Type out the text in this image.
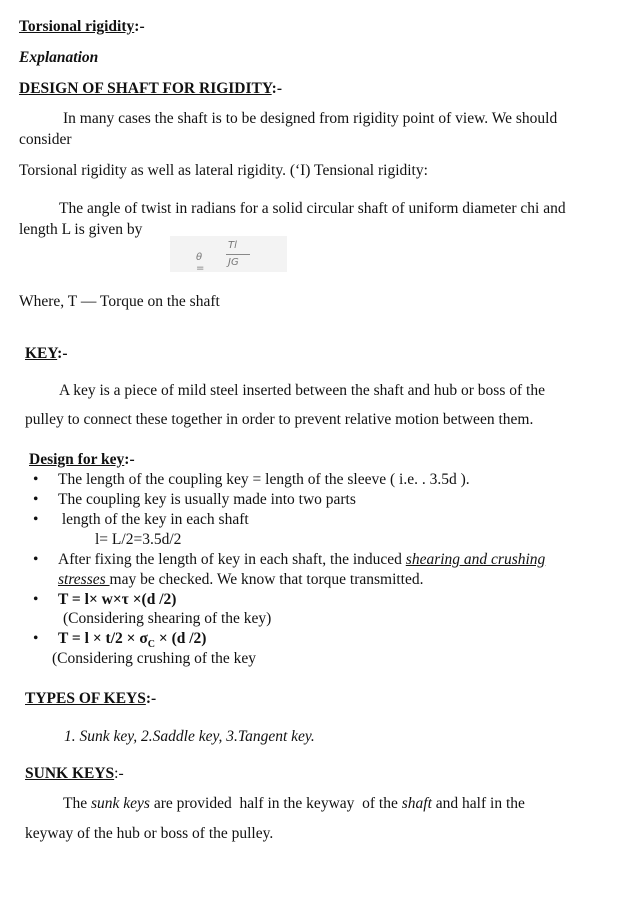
Torsional rigidity:-
Explanation
DESIGN OF SHAFT FOR RIGIDITY:-
In many cases the shaft is to be designed from rigidity point of view. We should
consider
Torsional rigidity as well as lateral rigidity. (‘I) Tensional rigidity:
The angle of twist in radians for a solid circular shaft of uniform diameter chi and
length L is given by
θ =
Tl
JG
Where, T — Torque on the shaft
KEY:-
A key is a piece of mild steel inserted between the shaft and hub or boss of the
pulley to connect these together in order to prevent relative motion between them.
Design for key:-
• The length of the coupling key = length of the sleeve ( i.e. . 3.5d ).
• The coupling key is usually made into two parts
• length of the key in each shaft
l= L/2=3.5d/2
• After fixing the length of key in each shaft, the induced shearing and crushing
stresses may be checked. We know that torque transmitted.
• T = l× w×τ ×(d /2)
(Considering shearing of the key)
• $T = l \times t/2 \times \sigma_C \times (d$ /2)
(Considering crushing of the key
TYPES OF KEYS:-
1. Sunk key, 2.Saddle key, 3.Tangent key.
SUNK KEYS:-
The sunk keys are provided  half in the keyway  of the shaft and half in the
keyway of the hub or boss of the pulley.
